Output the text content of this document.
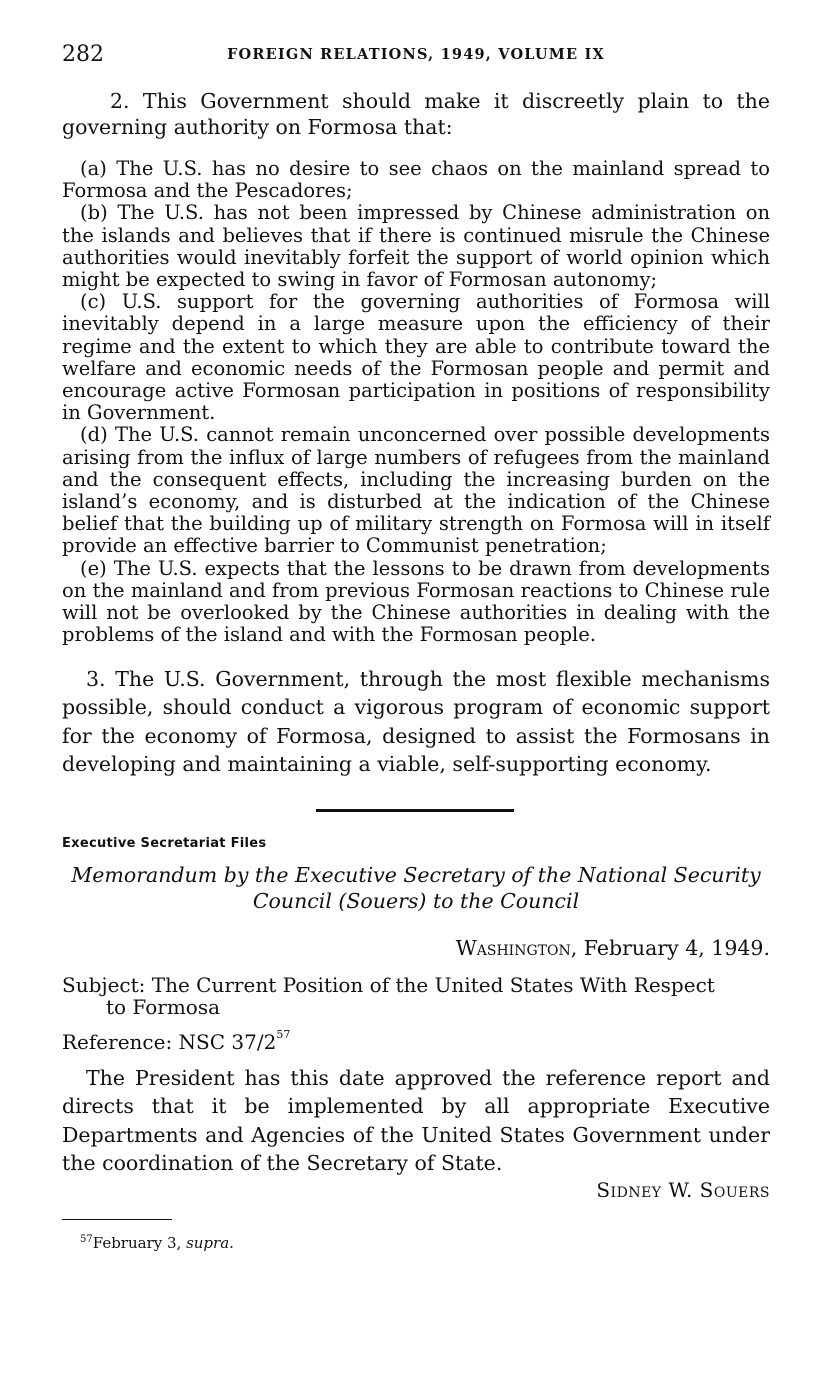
282	FOREIGN RELATIONS, 1949, VOLUME IX

2. This Government should make it discreetly plain to the governing authority on Formosa that:

(a) The U.S. has no desire to see chaos on the mainland spread to Formosa and the Pescadores;

(b) The U.S. has not been impressed by Chinese administration on the islands and believes that if there is continued misrule the Chinese authorities would inevitably forfeit the support of world opinion which might be expected to swing in favor of Formosan autonomy;

(c) U.S. support for the governing authorities of Formosa will inevitably depend in a large measure upon the efficiency of their regime and the extent to which they are able to contribute toward the welfare and economic needs of the Formosan people and permit and encourage active Formosan participation in positions of responsibility in Government.

(d) The U.S. cannot remain unconcerned over possible developments arising from the influx of large numbers of refugees from the mainland and the consequent effects, including the increasing burden on the island’s economy, and is disturbed at the indication of the Chinese belief that the building up of military strength on Formosa will in itself provide an effective barrier to Communist penetration;

(e) The U.S. expects that the lessons to be drawn from developments on the mainland and from previous Formosan reactions to Chinese rule will not be overlooked by the Chinese authorities in dealing with the problems of the island and with the Formosan people.

3. The U.S. Government, through the most flexible mechanisms possible, should conduct a vigorous program of economic support for the economy of Formosa, designed to assist the Formosans in developing and maintaining a viable, self-supporting economy.

Executive Secretariat Files
Memorandum by the Executive Secretary of the National Security
Council (Souers) to the Council
Washington, February 4, 1949.
Subject: The Current Position of the United States With Respect
to Formosa
Reference: NSC $37/2^{57}$

The President has this date approved the reference report and directs that it be implemented by all appropriate Executive Departments and Agencies of the United States Government under the coordination of the Secretary of State.

Sidney W. Souers
$^{57}$February 3, supra.
